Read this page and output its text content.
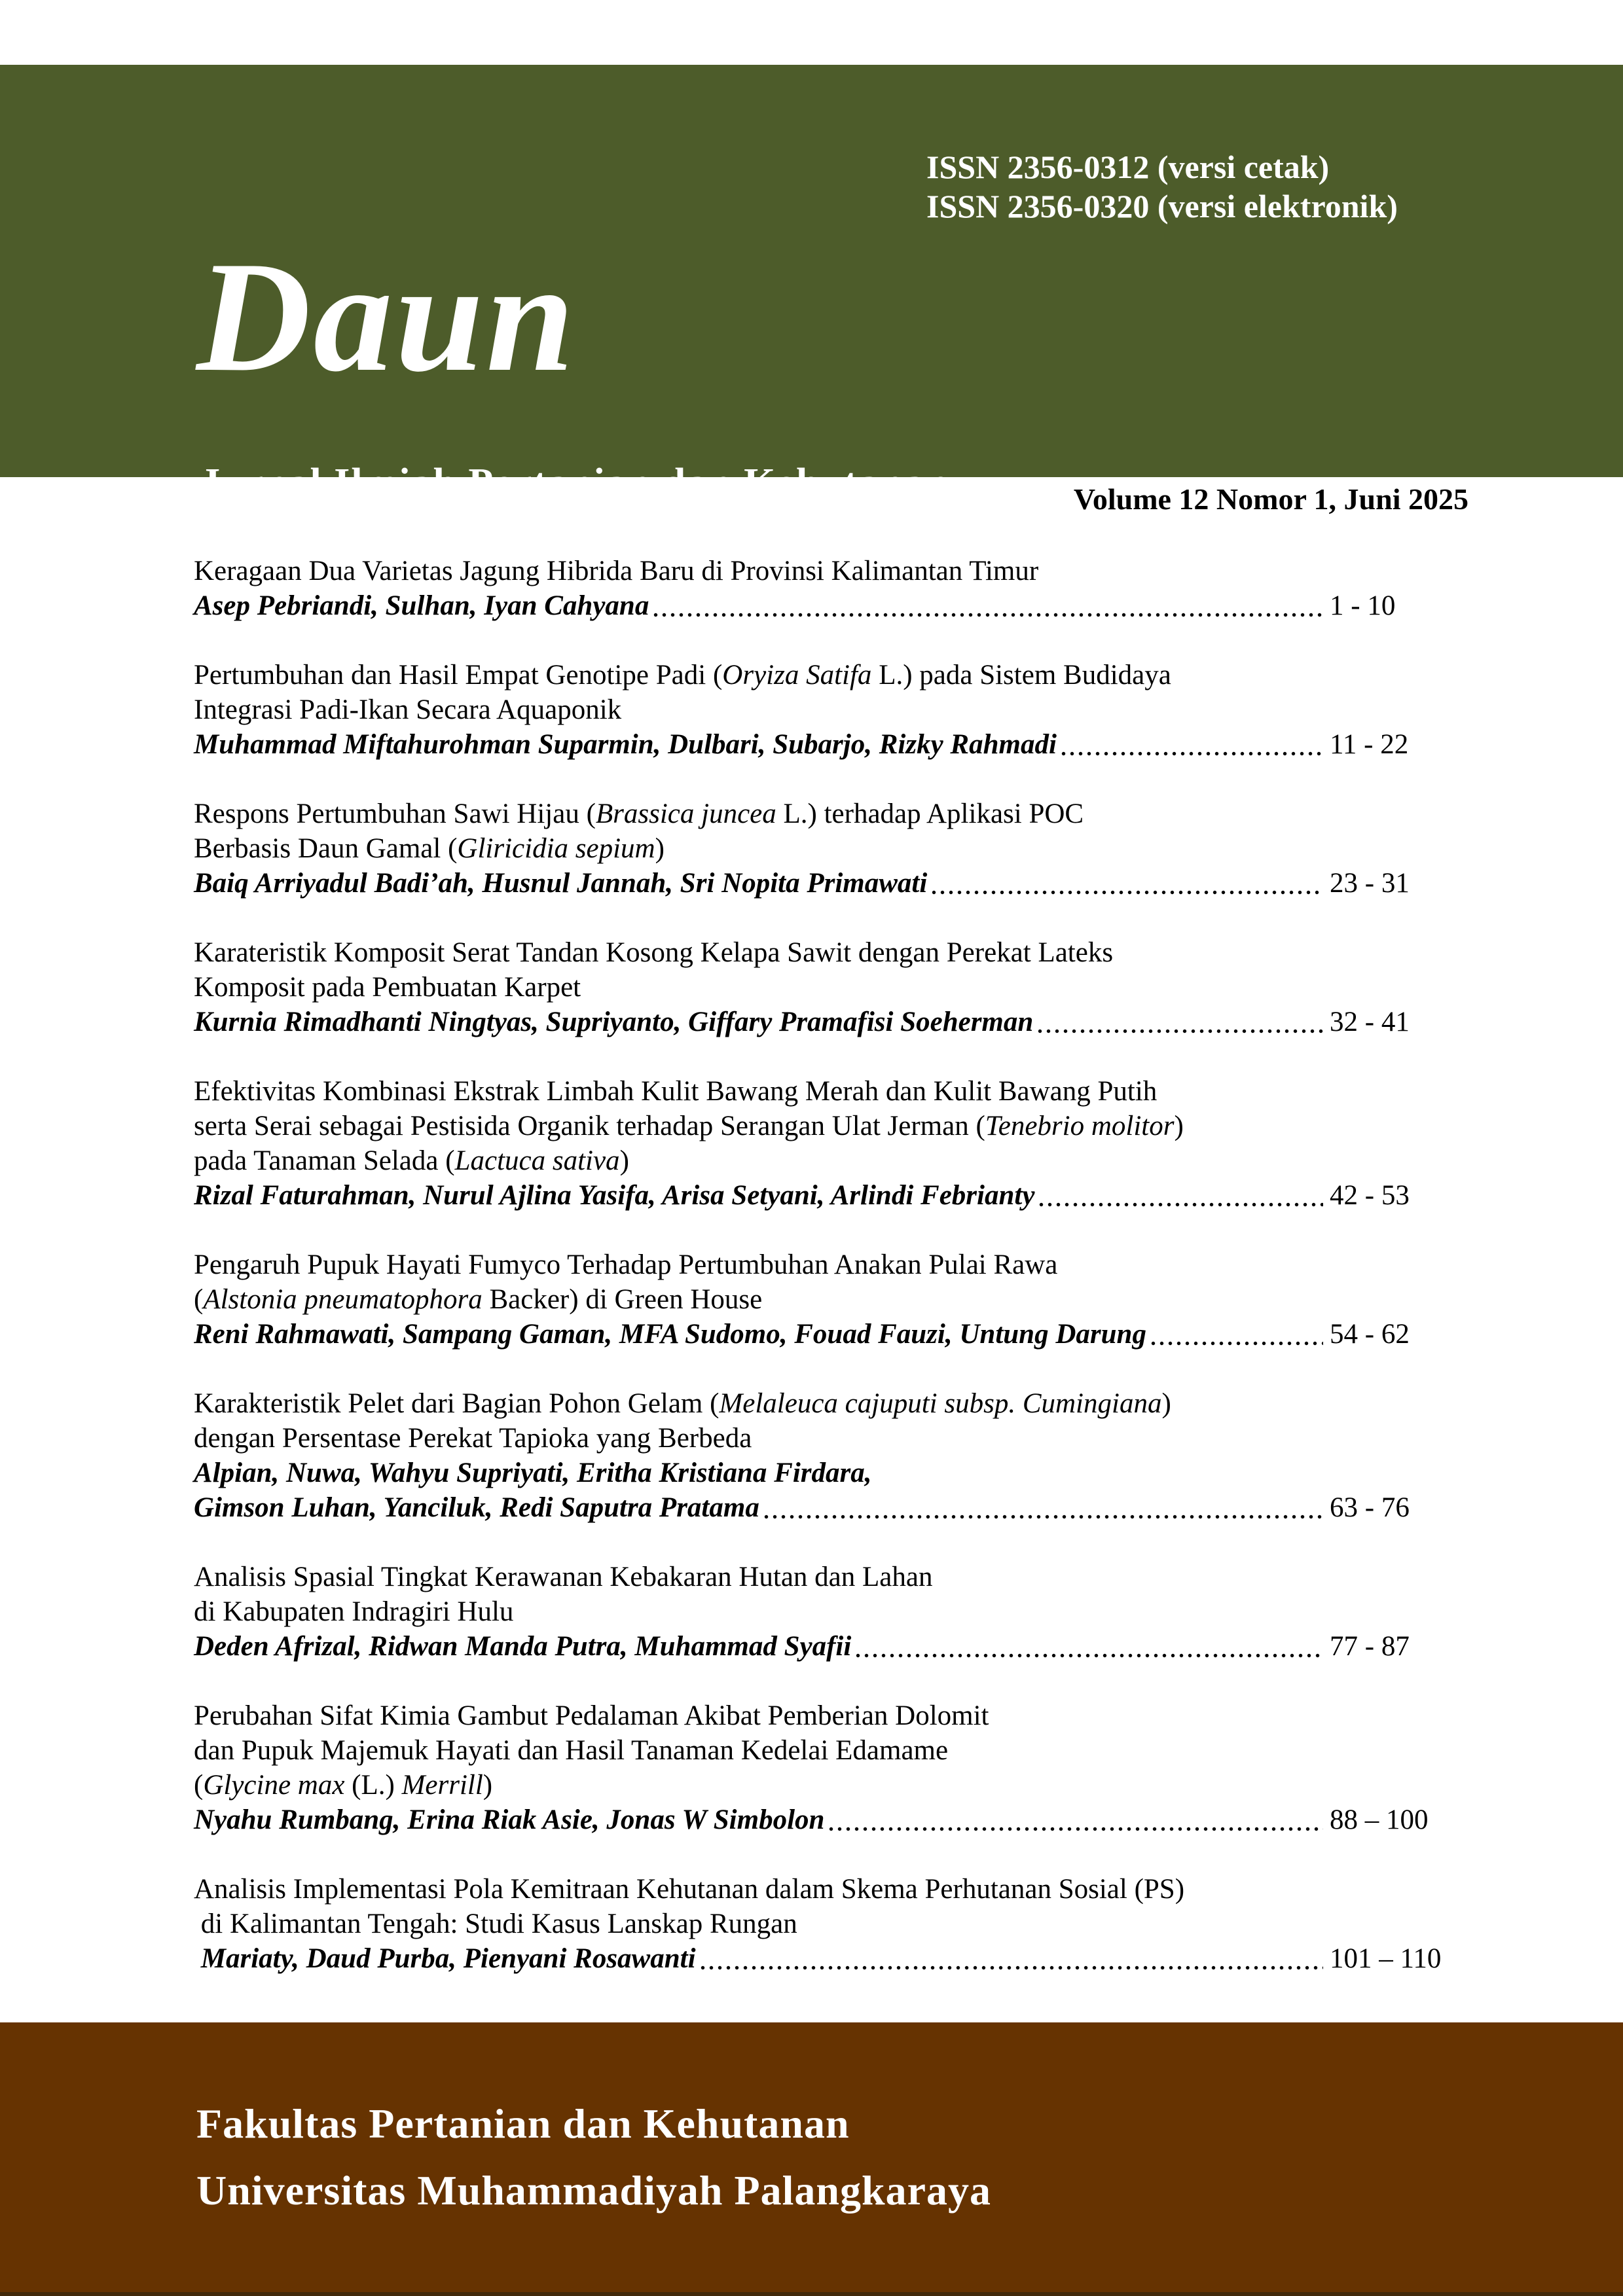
ISSN 2356-0312 (versi cetak)
ISSN 2356-0320 (versi elektronik)
Daun
Jurnal Ilmiah Pertanian dan Kehutanan	Volume 12 Nomor 1, Juni 2025
Keragaan Dua Varietas Jagung Hibrida Baru di Provinsi Kalimantan Timur
Asep Pebriandi, Sulhan, Iyan Cahyana	1 - 10
Pertumbuhan dan Hasil Empat Genotipe Padi (Oryiza Satifa L.) pada Sistem Budidaya
Integrasi Padi-Ikan Secara Aquaponik
Muhammad Miftahurohman Suparmin, Dulbari, Subarjo, Rizky Rahmadi	11 - 22
Respons Pertumbuhan Sawi Hijau (Brassica juncea L.) terhadap Aplikasi POC
Berbasis Daun Gamal (Gliricidia sepium)
Baiq Arriyadul Badi’ah, Husnul Jannah, Sri Nopita Primawati	23 - 31
Karateristik Komposit Serat Tandan Kosong Kelapa Sawit dengan Perekat Lateks
Komposit pada Pembuatan Karpet
Kurnia Rimadhanti Ningtyas, Supriyanto, Giffary Pramafisi Soeherman	32 - 41
Efektivitas Kombinasi Ekstrak Limbah Kulit Bawang Merah dan Kulit Bawang Putih
serta Serai sebagai Pestisida Organik terhadap Serangan Ulat Jerman (Tenebrio molitor)
pada Tanaman Selada (Lactuca sativa)
Rizal Faturahman, Nurul Ajlina Yasifa, Arisa Setyani, Arlindi Febrianty	42 - 53
Pengaruh Pupuk Hayati Fumyco Terhadap Pertumbuhan Anakan Pulai Rawa
(Alstonia pneumatophora Backer) di Green House
Reni Rahmawati, Sampang Gaman, MFA Sudomo, Fouad Fauzi, Untung Darung	54 - 62
Karakteristik Pelet dari Bagian Pohon Gelam (Melaleuca cajuputi subsp. Cumingiana)
dengan Persentase Perekat Tapioka yang Berbeda
Alpian, Nuwa, Wahyu Supriyati, Eritha Kristiana Firdara,
Gimson Luhan, Yanciluk, Redi Saputra Pratama	63 - 76
Analisis Spasial Tingkat Kerawanan Kebakaran Hutan dan Lahan
di Kabupaten Indragiri Hulu
Deden Afrizal, Ridwan Manda Putra, Muhammad Syafii	77 - 87
Perubahan Sifat Kimia Gambut Pedalaman Akibat Pemberian Dolomit
dan Pupuk Majemuk Hayati dan Hasil Tanaman Kedelai Edamame
(Glycine max (L.) Merrill)
Nyahu Rumbang, Erina Riak Asie, Jonas W Simbolon	88 – 100
Analisis Implementasi Pola Kemitraan Kehutanan dalam Skema Perhutanan Sosial (PS)
di Kalimantan Tengah: Studi Kasus Lanskap Rungan
Mariaty, Daud Purba, Pienyani Rosawanti	101 – 110
Fakultas Pertanian dan Kehutanan
Universitas Muhammadiyah Palangkaraya
